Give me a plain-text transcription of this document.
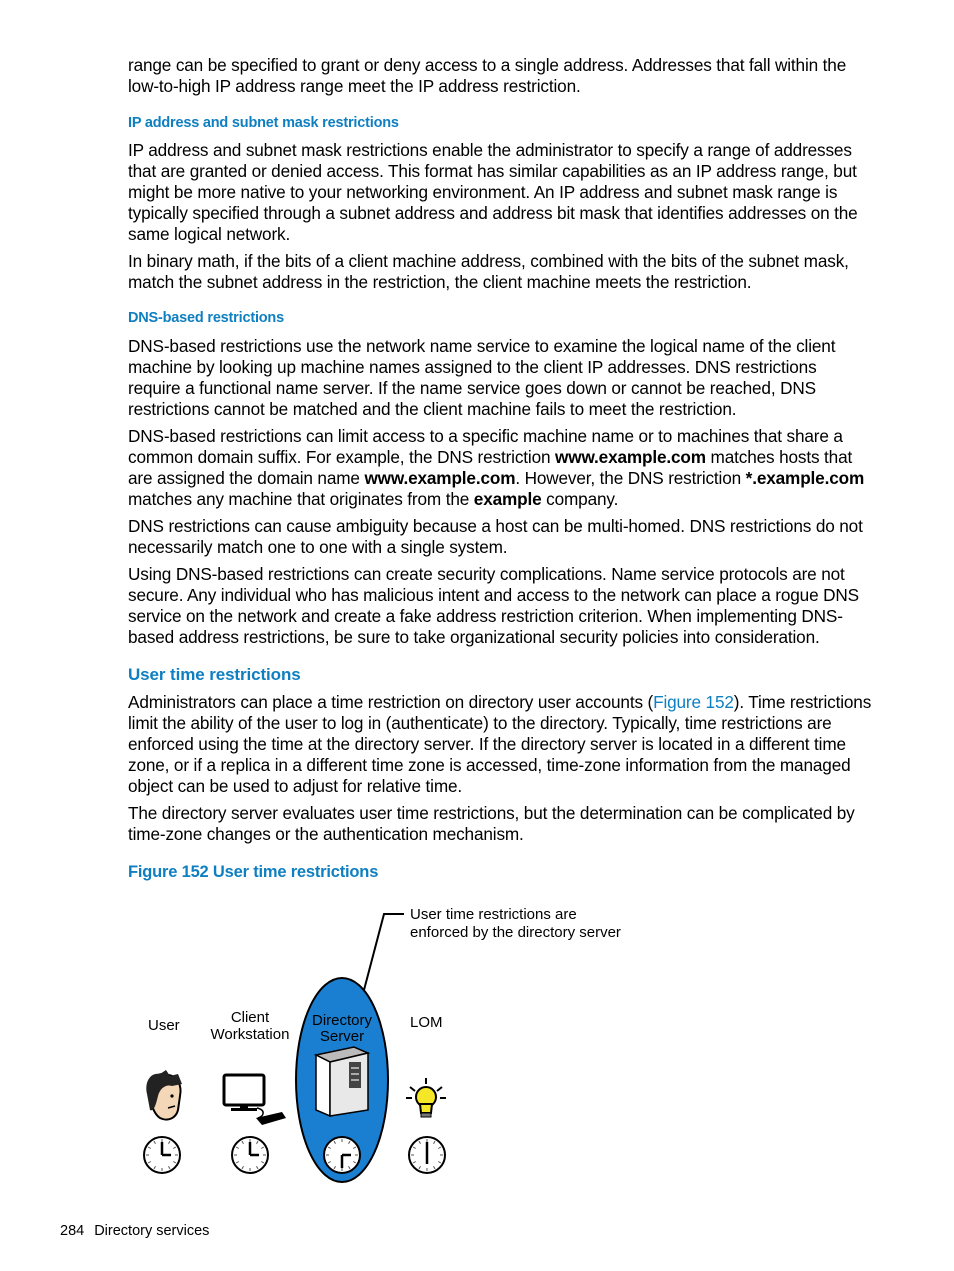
range can be specified to grant or deny access to a single address. Addresses that fall within the low-to-high IP address range meet the IP address restriction.

IP address and subnet mask restrictions

IP address and subnet mask restrictions enable the administrator to specify a range of addresses that are granted or denied access. This format has similar capabilities as an IP address range, but might be more native to your networking environment. An IP address and subnet mask range is typically specified through a subnet address and address bit mask that identifies addresses on the same logical network.

In binary math, if the bits of a client machine address, combined with the bits of the subnet mask, match the subnet address in the restriction, the client machine meets the restriction.

DNS-based restrictions

DNS-based restrictions use the network name service to examine the logical name of the client machine by looking up machine names assigned to the client IP addresses. DNS restrictions require a functional name server. If the name service goes down or cannot be reached, DNS restrictions cannot be matched and the client machine fails to meet the restriction.

DNS-based restrictions can limit access to a specific machine name or to machines that share a common domain suffix. For example, the DNS restriction www.example.com matches hosts that are assigned the domain name www.example.com. However, the DNS restriction *.example.com matches any machine that originates from the example company.

DNS restrictions can cause ambiguity because a host can be multi-homed. DNS restrictions do not necessarily match one to one with a single system.

Using DNS-based restrictions can create security complications. Name service protocols are not secure. Any individual who has malicious intent and access to the network can place a rogue DNS service on the network and create a fake address restriction criterion. When implementing DNS-based address restrictions, be sure to take organizational security policies into consideration.

User time restrictions

Administrators can place a time restriction on directory user accounts (Figure 152). Time restrictions limit the ability of the user to log in (authenticate) to the directory. Typically, time restrictions are enforced using the time at the directory server. If the directory server is located in a different time zone, or if a replica in a different time zone is accessed, time-zone information from the managed object can be used to adjust for relative time.

The directory server evaluates user time restrictions, but the determination can be complicated by time-zone changes or the authentication mechanism.

Figure 152 User time restrictions

User time restrictions are
enforced by the directory server
User	Client
Workstation
Directory
Server
LOM
284 Directory services
